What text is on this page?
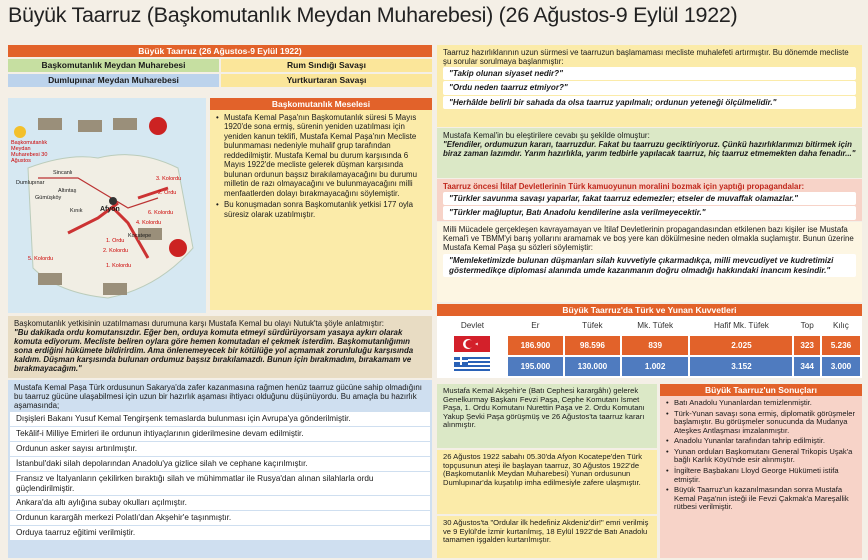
Büyük Taarruz (Başkomutanlık Meydan Muharebesi) (26 Ağustos-9 Eylül 1922)
Büyük Taarruz (26 Ağustos-9 Eylül 1922)
Başkomutanlık Meydan Muharebesi	Rum Sındığı Savaşı
Dumlupınar Meydan Muharebesi	Yurtkurtaran Savaşı
Başkomutanlık Meydan Muharebesi 30 Ağustos
Afyon
Dumlupınar
Gümüşköy
Altıntaş
Kınık
Sincanlı
Kocatepe
3. Kolordu
2. Ordu
6. Kolordu
4. Kolordu
1. Ordu
2. Kolordu
1. Kolordu
5. Kolordu
Başkomutanlık Meselesi
• Mustafa Kemal Paşa'nın Başkomutanlık süresi 5 Mayıs 1920'de sona ermiş, sürenin yeniden uzatılması için yeniden kanun teklifi, Mustafa Kemal Paşa'nın Mecliste bulunmaması nedeniyle muhalif grup tarafından reddedilmiştir. Mustafa Kemal bu durum karşısında 6 Mayıs 1922'de mecliste gelerek düşman karşısında bulunan ordunun başsız bırakılamayacağını bu durumu milletin de razı olmayacağını ve bulunmayacağını milli menfaatlerden dolayı bırakmayacağını söylemiştir.
• Bu konuşmadan sonra Başkomutanlık yetkisi 177 oyla süresiz olarak uzatılmıştır.
Başkomutanlık yetkisinin uzatılmaması durumuna karşı Mustafa Kemal bu olayı Nutuk'ta şöyle anlatmıştır:
"Bu dakikada ordu komutansızdır. Eğer ben, orduya komuta etmeyi sürdürüyorsam yasaya aykırı olarak komuta ediyorum. Mecliste beliren oylara göre hemen komutadan el çekmek isterdim. Başkomutanlığımın sona erdiğini hükümete bildirirdim. Ama önlenemeyecek bir kötülüğe yol açmamak zorunluluğu karşısında kaldım. Düşman karşısında bulunan ordumuz başsız bırakılamazdı. Bunun için bırakmadım, bırakamam ve bırakmayacağım."
Mustafa Kemal Paşa Türk ordusunun Sakarya'da zafer kazanmasına rağmen henüz taarruz gücüne sahip olmadığını bu taarruz gücüne ulaşabilmesi için uzun bir hazırlık aşaması ihtiyacı olduğunu düşünüyordu. Bu amaçla bu hazırlık aşamasında;
Dışişleri Bakanı Yusuf Kemal Tengirşenk temaslarda bulunması için Avrupa'ya gönderilmiştir.
Tekâlif-i Milliye Emirleri ile ordunun ihtiyaçlarının giderilmesine devam edilmiştir.
Ordunun asker sayısı artırılmıştır.
İstanbul'daki silah depolarından Anadolu'ya gizlice silah ve cephane kaçırılmıştır.
Fransız ve İtalyanların çekilirken bıraktığı silah ve mühimmatlar ile Rusya'dan alınan silahlarla ordu güçlendirilmiştir.
Ankara'da altı aylığına subay okulları açılmıştır.
Ordunun karargâh merkezi Polatlı'dan Akşehir'e taşınmıştır.
Orduya taarruz eğitimi verilmiştir.
Taarruz hazırlıklarının uzun sürmesi ve taarruzun başlamaması mecliste muhalefeti artırmıştır. Bu dönemde mecliste şu sorular sorulmaya başlanmıştır:
"Takip olunan siyaset nedir?"
"Ordu neden taarruz etmiyor?"
"Herhâlde belirli bir sahada da olsa taarruz yapılmalı; ordunun yeteneği ölçülmelidir."
Mustafa Kemal'in bu eleştirilere cevabı şu şekilde olmuştur:
"Efendiler, ordumuzun kararı, taarruzdur. Fakat bu taarruzu geciktiriyoruz. Çünkü hazırlıklarımızı bitirmek için biraz zaman lazımdır. Yarım hazırlıkla, yarım tedbirle yapılacak taarruz, hiç taarruz etmemekten daha fenadır..."
Taarruz öncesi İtilaf Devletlerinin Türk kamuoyunun moralini bozmak için yaptığı propagandalar:
"Türkler savunma savaşı yaparlar, fakat taarruz edemezler; etseler de muvaffak olamazlar."
"Türkler mağluptur, Batı Anadolu kendilerine asla verilmeyecektir."
Milli Mücadele gerçekleşen kavrayamayan ve İtilaf Devletlerinin propagandasından etkilenen bazı kişiler ise Mustafa Kemal'i ve TBMM'yi barış yollarını aramamak ve boş yere kan dökülmesine neden olmakla suçlamıştır. Bunun üzerine Mustafa Kemal Paşa şu sözleri söylemiştir:
"Memleketimizde bulunan düşmanları silah kuvvetiyle çıkarmadıkça, milli mevcudiyet ve kudretimizi göstermedikçe diplomasi alanında umde kazanmanın doğru olmadığı hakkındaki inancım kesindir."
Büyük Taarruz'da Türk ve Yunan Kuvvetleri
Devlet	Er	Tüfek	Mk. Tüfek	Hafif Mk. Tüfek	Top	Kılıç
	186.900	98.596	839	2.025	323	5.236
	195.000	130.000	1.002	3.152	344	3.000
Mustafa Kemal Akşehir'e (Batı Cephesi karargâhı) gelerek Genelkurmay Başkanı Fevzi Paşa, Cephe Komutanı İsmet Paşa, 1. Ordu Komutanı Nurettin Paşa ve 2. Ordu Komutanı Yakup Şevki Paşa görüşmüş ve 26 Ağustos'ta taarruz kararı alınmıştır.
26 Ağustos 1922 sabahı 05.30'da Afyon Kocatepe'den Türk topçusunun ateşi ile başlayan taarruz, 30 Ağustos 1922'de (Başkomutanlık Meydan Muharebesi) Yunan ordusunun Dumlupınar'da kuşatılıp imha edilmesiyle zafere ulaşmıştır.
30 Ağustos'ta "Ordular ilk hedefiniz Akdeniz'dir!" emri verilmiş ve 9 Eylül'de İzmir kurtarılmış, 18 Eylül 1922'de Batı Anadolu tamamen işgalden kurtarılmıştır.
Büyük Taarruz'un Sonuçları
• Batı Anadolu Yunanlardan temizlenmiştir.
• Türk-Yunan savaşı sona ermiş, diplomatik görüşmeler başlamıştır. Bu görüşmeler sonucunda da Mudanya Ateşkes Antlaşması imzalanmıştır.
• Anadolu Yunanlar tarafından tahrip edilmiştir.
• Yunan orduları Başkomutanı General Trikopis Uşak'a bağlı Karlık Köyü'nde esir alınmıştır.
• İngiltere Başbakanı Lloyd George Hükümeti istifa etmiştir.
• Büyük Taarruz'un kazanılmasından sonra Mustafa Kemal Paşa'nın isteği ile Fevzi Çakmak'a Mareşallik rütbesi verilmiştir.
